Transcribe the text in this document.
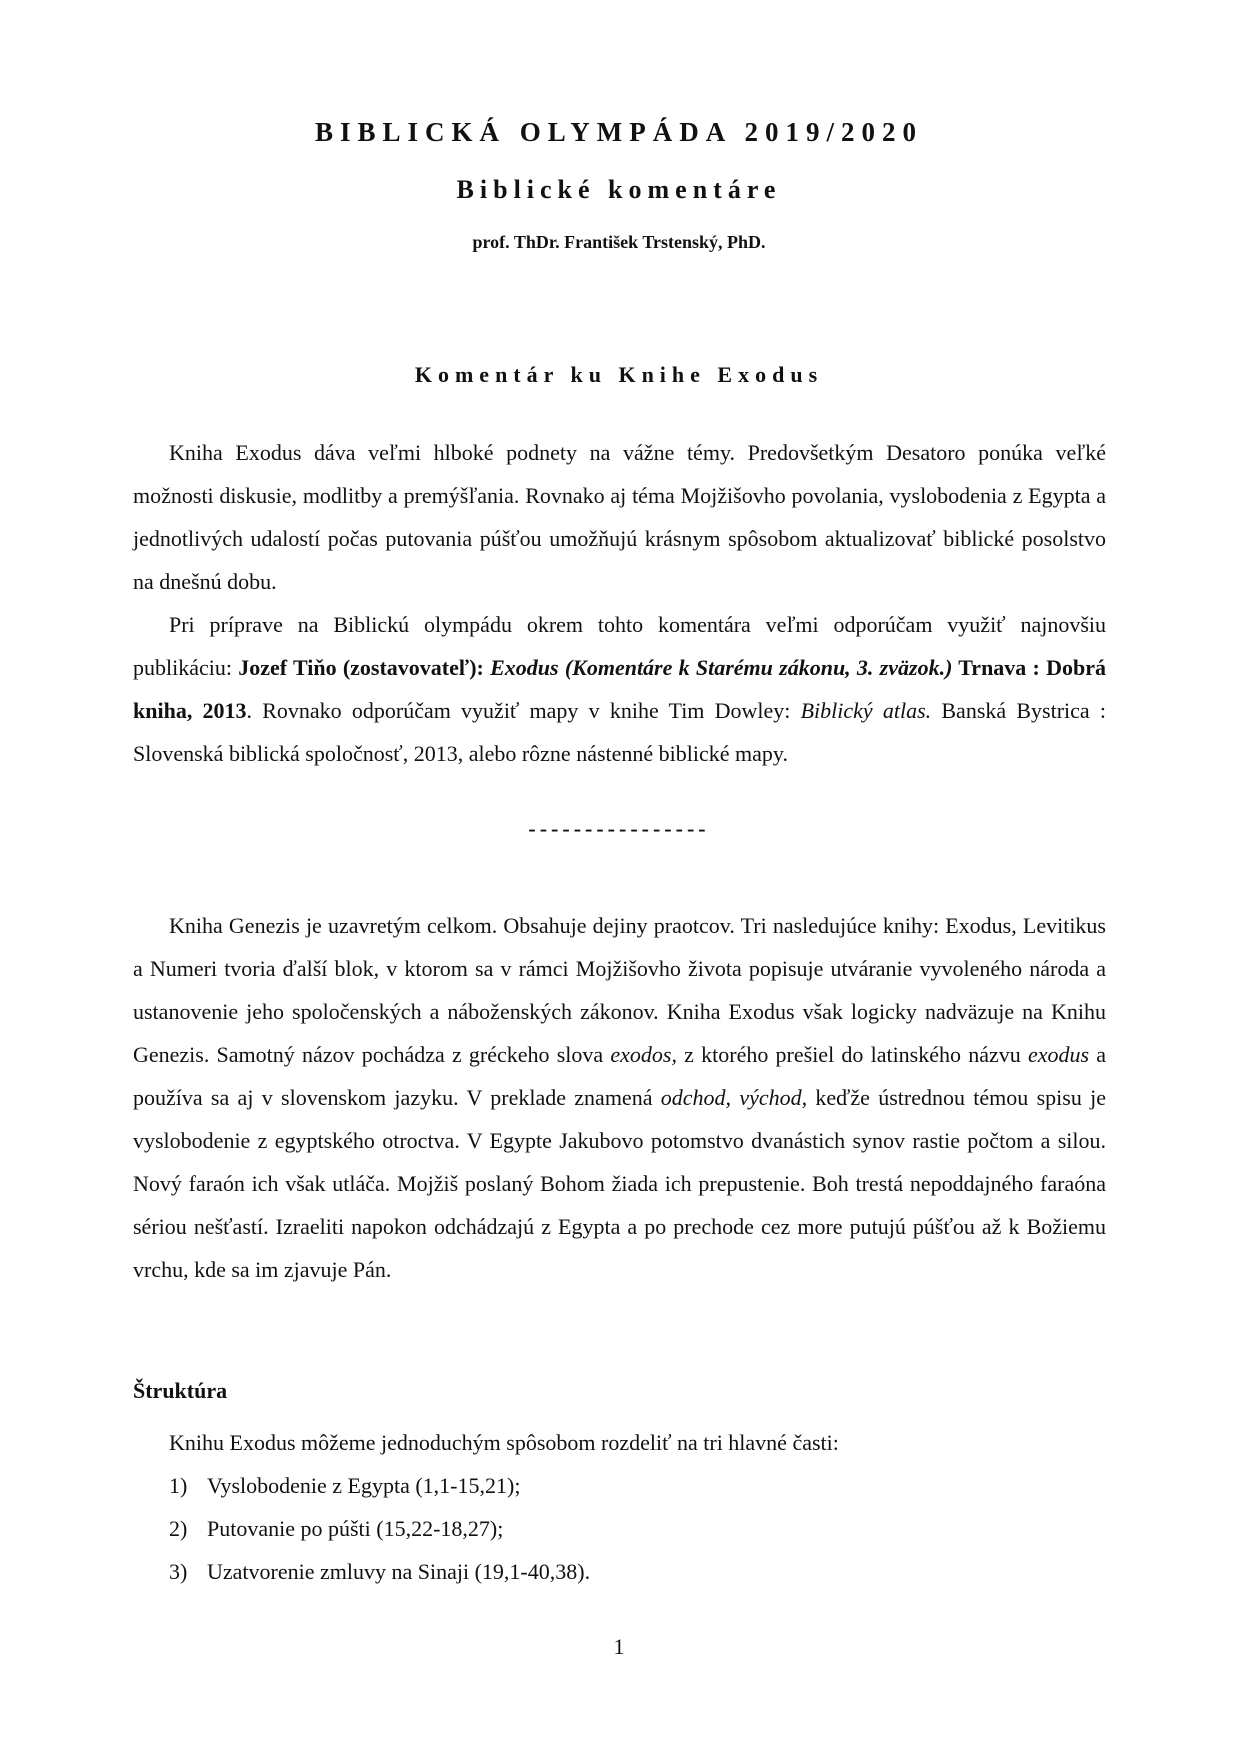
BIBLICKÁ OLYMPÁDA 2019/2020
Biblické komentáre
prof. ThDr. František Trstenský, PhD.
Komentár ku Knihe Exodus

Kniha Exodus dáva veľmi hlboké podnety na vážne témy. Predovšetkým Desatoro ponúka veľké možnosti diskusie, modlitby a premýšľania. Rovnako aj téma Mojžišovho povolania, vyslobodenia z Egypta a jednotlivých udalostí počas putovania púšťou umožňujú krásnym spôsobom aktualizovať biblické posolstvo na dnešnú dobu.

Pri príprave na Biblickú olympádu okrem tohto komentára veľmi odporúčam využiť najnovšiu publikáciu: Jozef Tiňo (zostavovateľ): Exodus (Komentáre k Starému zákonu, 3. zväzok.) Trnava : Dobrá kniha, 2013. Rovnako odporúčam využiť mapy v knihe Tim Dowley: Biblický atlas. Banská Bystrica : Slovenská biblická spoločnosť, 2013, alebo rôzne nástenné biblické mapy.

----------------

Kniha Genezis je uzavretým celkom. Obsahuje dejiny praotcov. Tri nasledujúce knihy: Exodus, Levitikus a Numeri tvoria ďalší blok, v ktorom sa v rámci Mojžišovho života popisuje utváranie vyvoleného národa a ustanovenie jeho spoločenských a náboženských zákonov. Kniha Exodus však logicky nadväzuje na Knihu Genezis. Samotný názov pochádza z gréckeho slova exodos, z ktorého prešiel do latinského názvu exodus a používa sa aj v slovenskom jazyku. V preklade znamená odchod, východ, keďže ústrednou témou spisu je vyslobodenie z egyptského otroctva. V Egypte Jakubovo potomstvo dvanástich synov rastie počtom a silou. Nový faraón ich však utláča. Mojžiš poslaný Bohom žiada ich prepustenie. Boh trestá nepoddajného faraóna sériou nešťastí. Izraeliti napokon odchádzajú z Egypta a po prechode cez more putujú púšťou až k Božiemu vrchu, kde sa im zjavuje Pán.

Štruktúra
Knihu Exodus môžeme jednoduchým spôsobom rozdeliť na tri hlavné časti:
1) Vyslobodenie z Egypta (1,1-15,21);
2) Putovanie po púšti (15,22-18,27);
3) Uzatvorenie zmluvy na Sinaji (19,1-40,38).
1
